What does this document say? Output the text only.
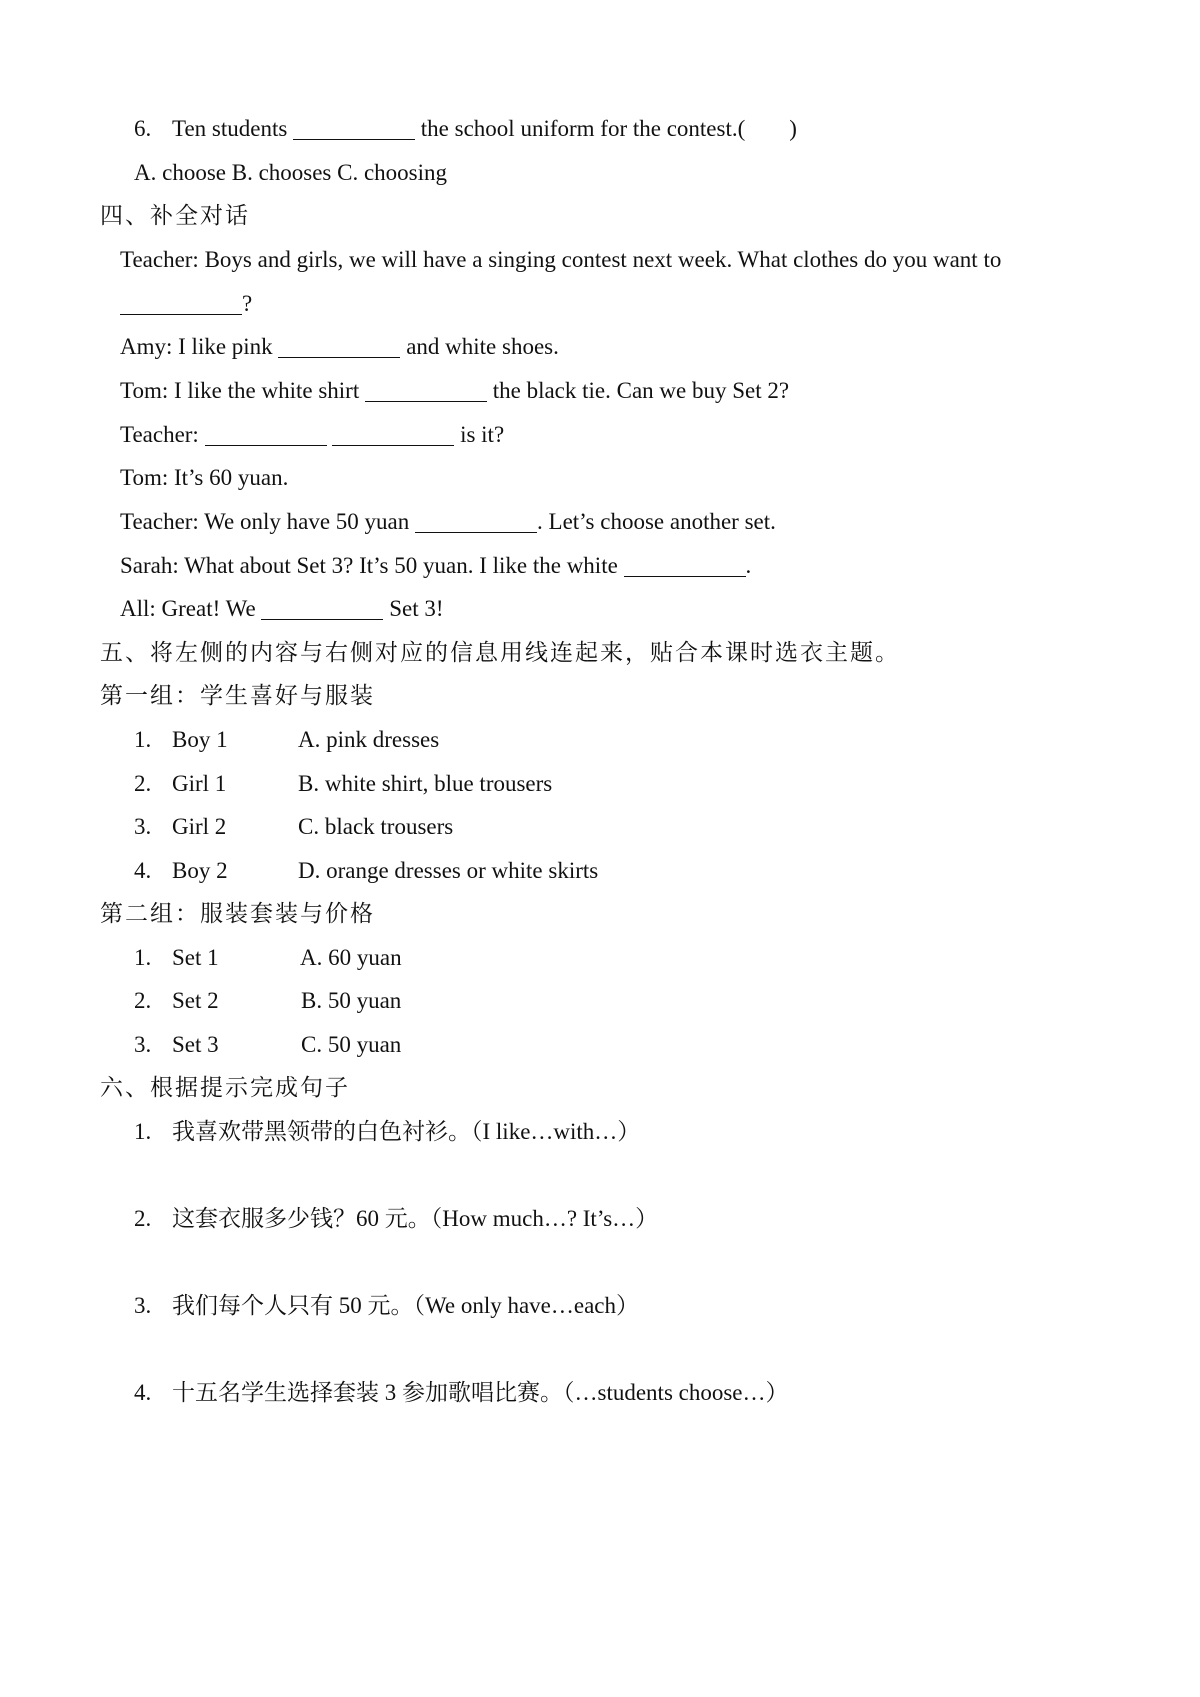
6. Ten students	the school uniform for the contest.( )
A. choose B. chooses C. choosing
四、补全对话
Teacher: Boys and girls, we will have a singing contest next week. What clothes do you want to
?
Amy: I like pink	and white shoes.
Tom: I like the white shirt	the black tie. Can we buy Set 2?
Teacher:	is it?
Tom: It’s 60 yuan.
Teacher: We only have 50 yuan	. Let’s choose another set.
Sarah: What about Set 3? It’s 50 yuan. I like the white	.
All: Great! We	Set 3!
五、将左侧的内容与右侧对应的信息用线连起来，贴合本课时选衣主题。
第一组：学生喜好与服装
1. Boy 1	A. pink dresses
2. Girl 1	B. white shirt, blue trousers
3. Girl 2	C. black trousers
4. Boy 2	D. orange dresses or white skirts
第二组：服装套装与价格
1. Set 1	A. 60 yuan
2. Set 2	B. 50 yuan
3. Set 3	C. 50 yuan
六、根据提示完成句子
1. 我喜欢带黑领带的白色衬衫。（I like…with…）
2. 这套衣服多少钱？60 元。（How much…? It’s…）
3. 我们每个人只有 50 元。（We only have…each）
4. 十五名学生选择套装 3 参加歌唱比赛。（…students choose…）
